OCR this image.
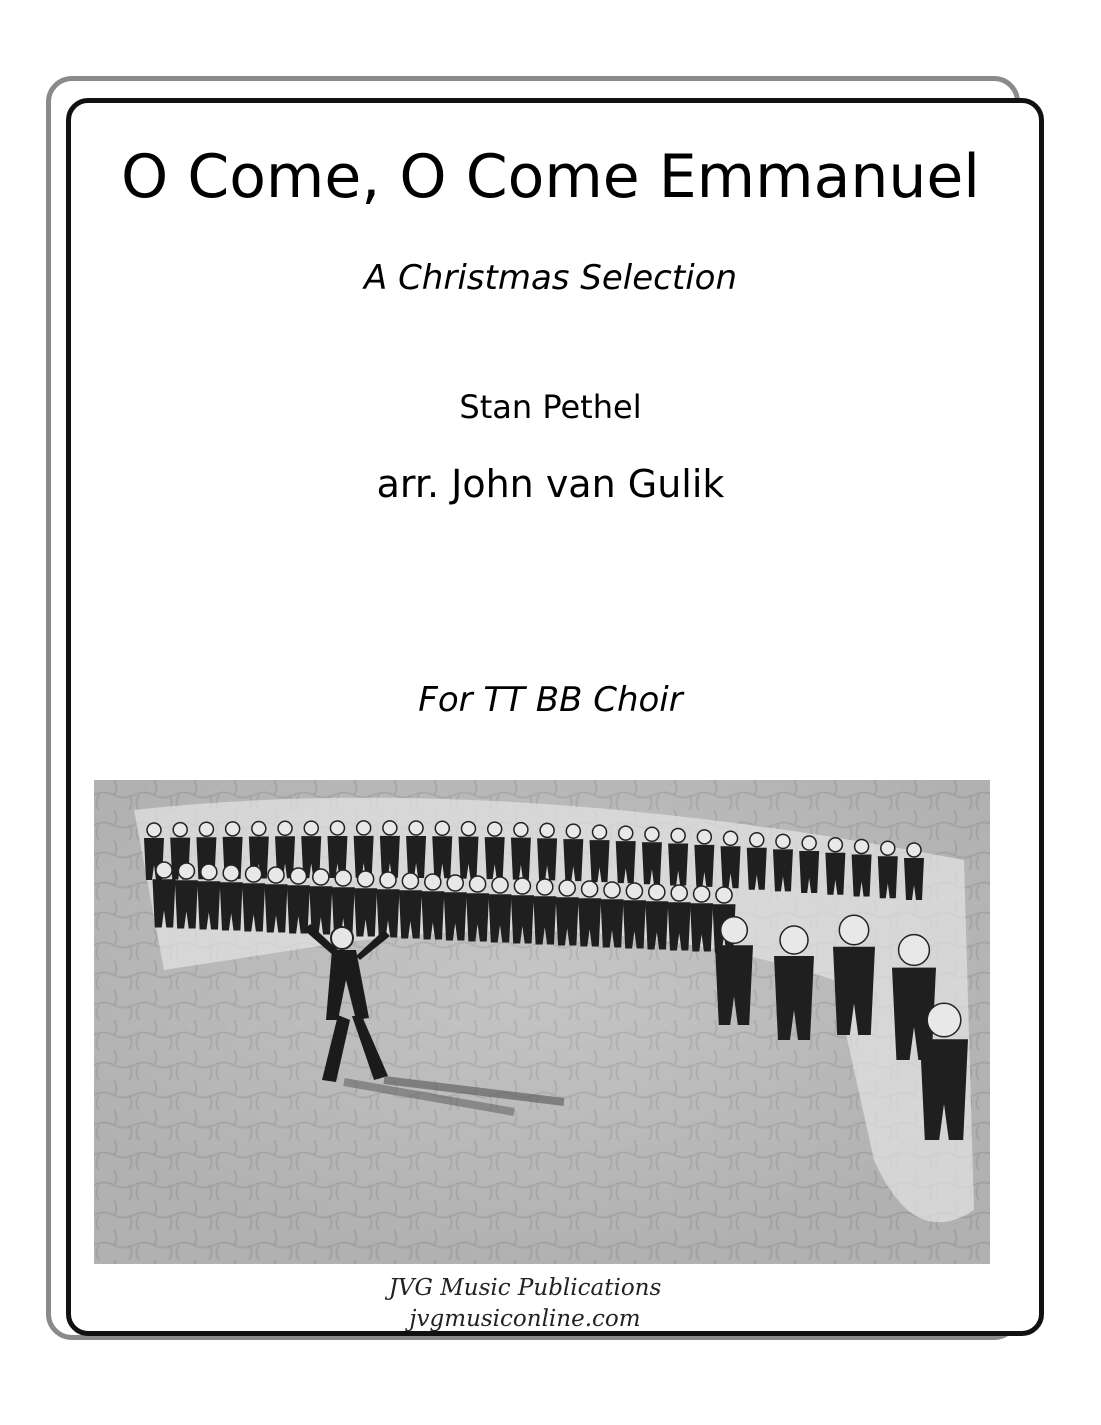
O Come, O Come Emmanuel
A Christmas Selection
Stan Pethel
arr. John van Gulik
For TT BB Choir
JVG Music Publications
jvgmusiconline.com
